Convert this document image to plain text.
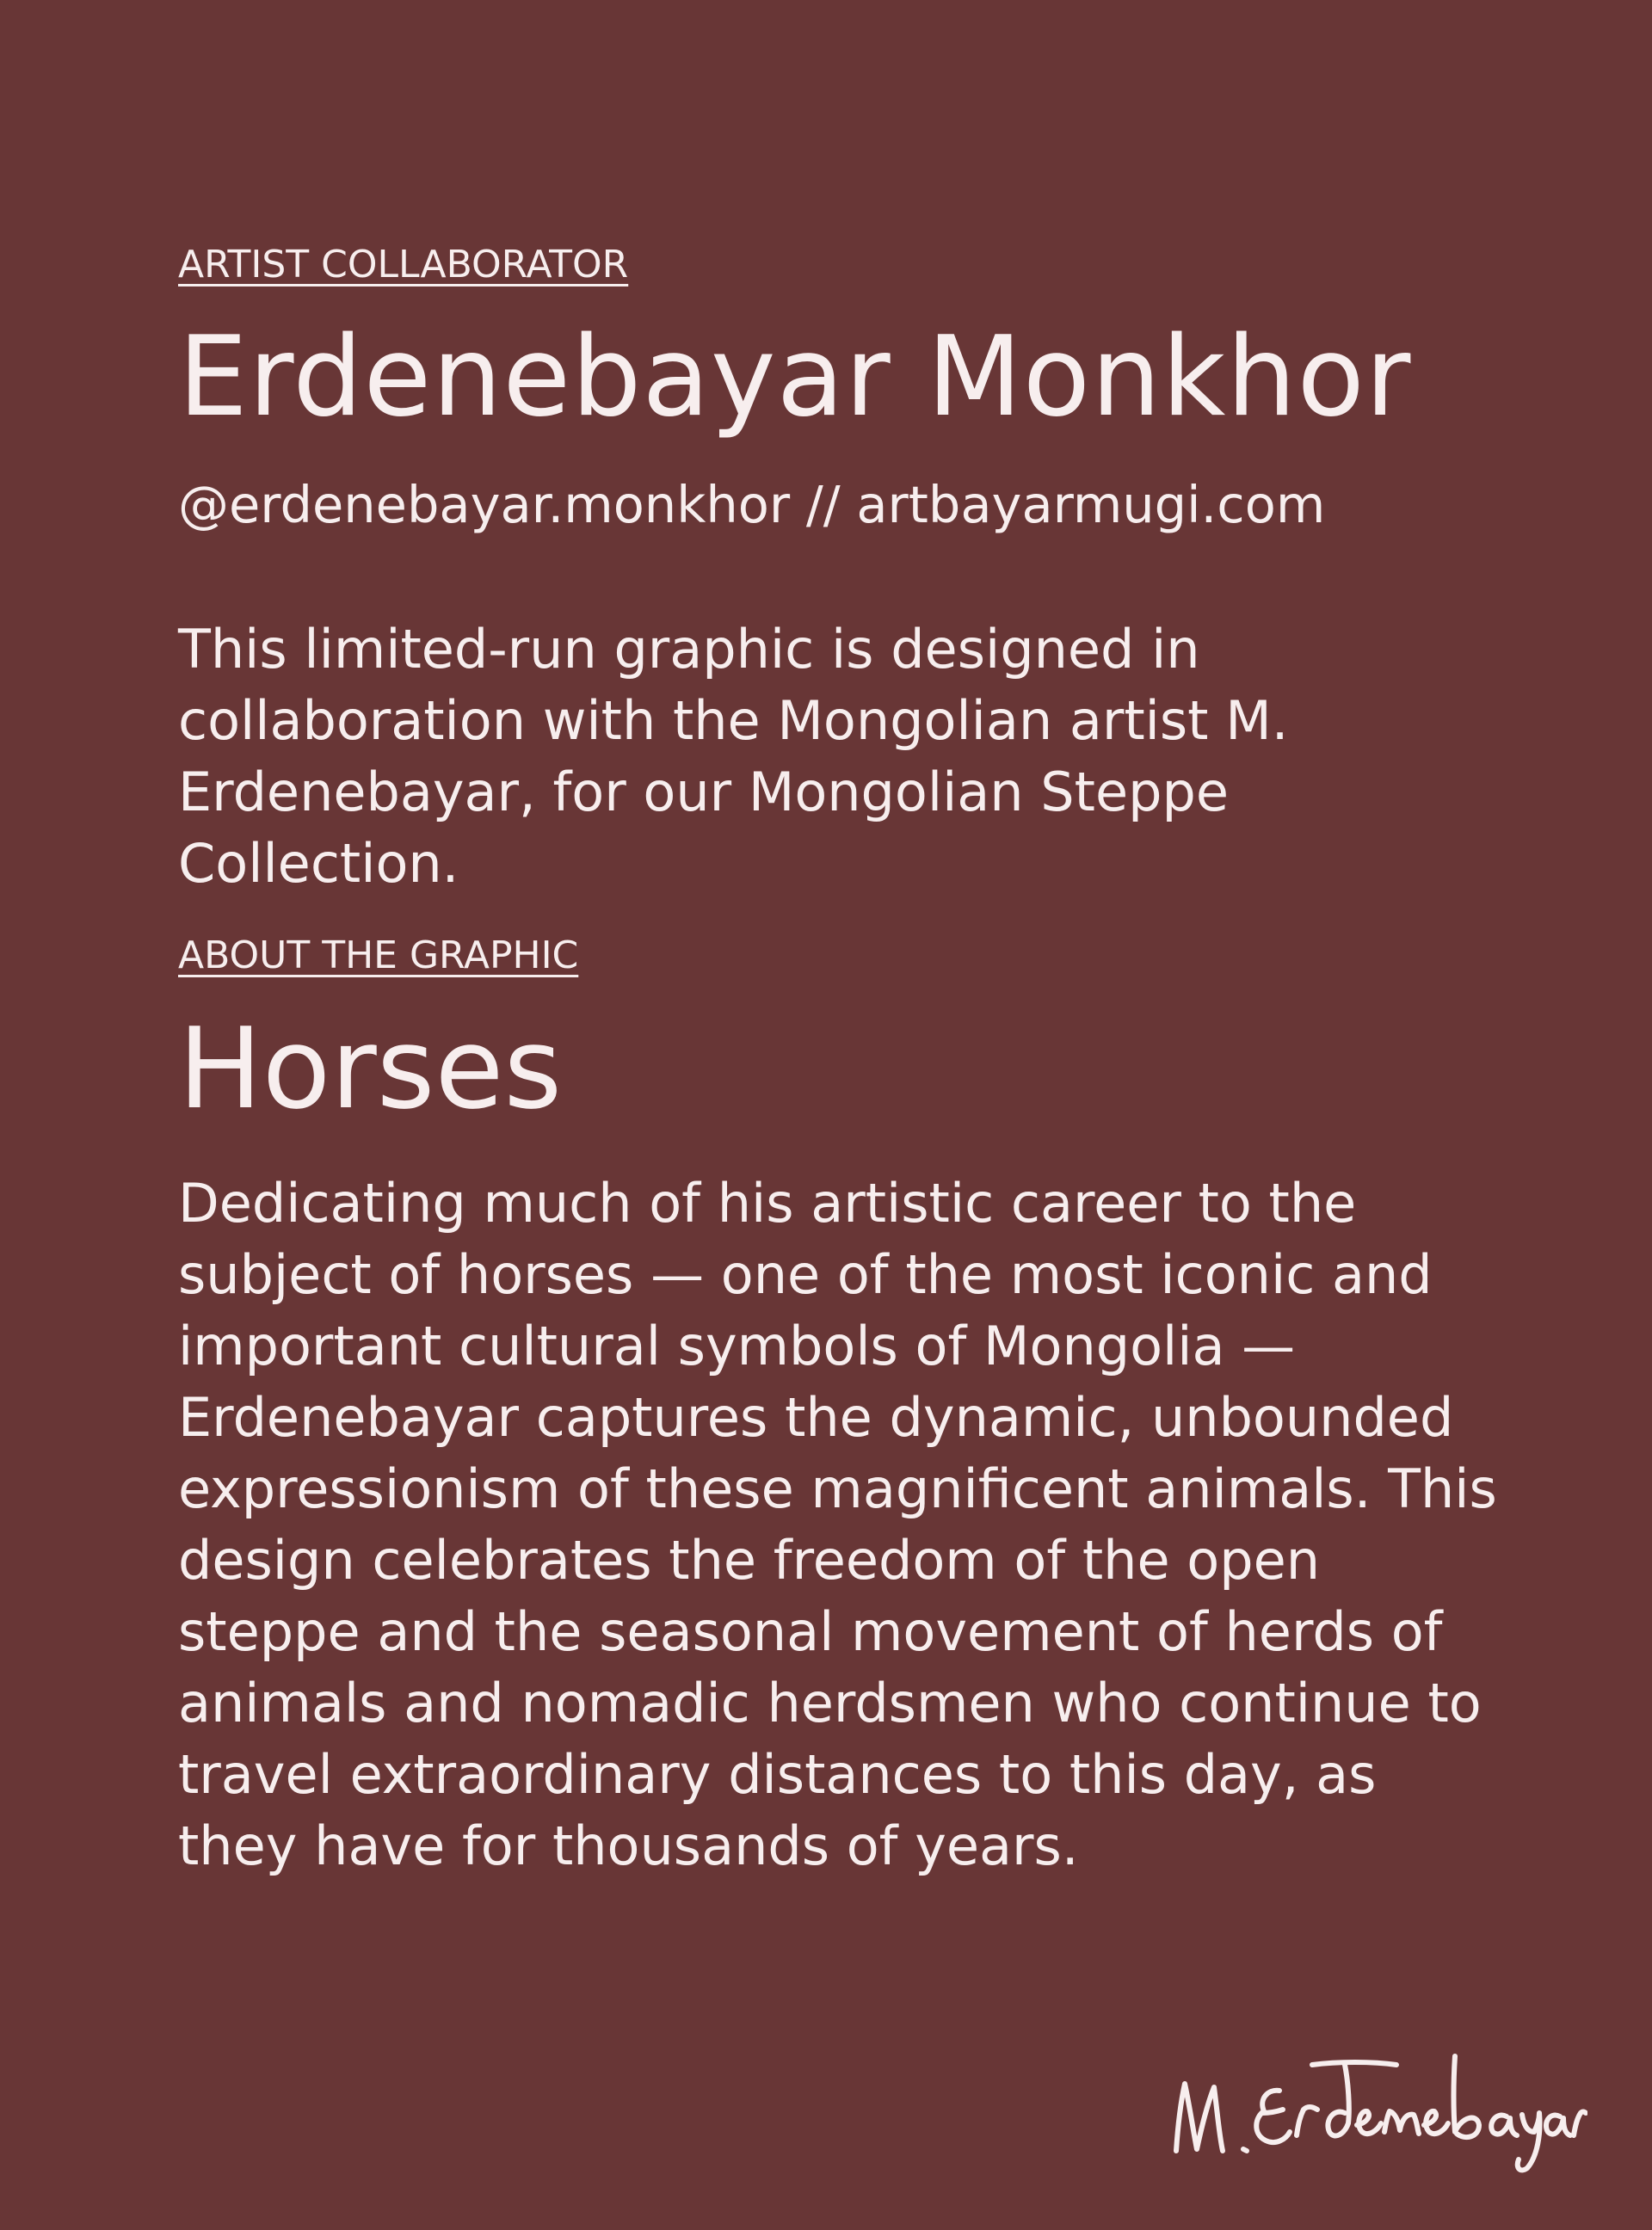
ARTIST COLLABORATOR
Erdenebayar Monkhor

@erdenebayar.monkhor // artbayarmugi.com

This limited-run graphic is designed in collaboration with the Mongolian artist M. Erdenebayar, for our Mongolian Steppe Collection.

ABOUT THE GRAPHIC
Horses

Dedicating much of his artistic career to the subject of horses — one of the most iconic and important cultural symbols of Mongolia — Erdenebayar captures the dynamic, unbounded expressionism of these magnificent animals. This design celebrates the freedom of the open steppe and the seasonal movement of herds of animals and nomadic herdsmen who continue to travel extraordinary distances to this day, as they have for thousands of years.
